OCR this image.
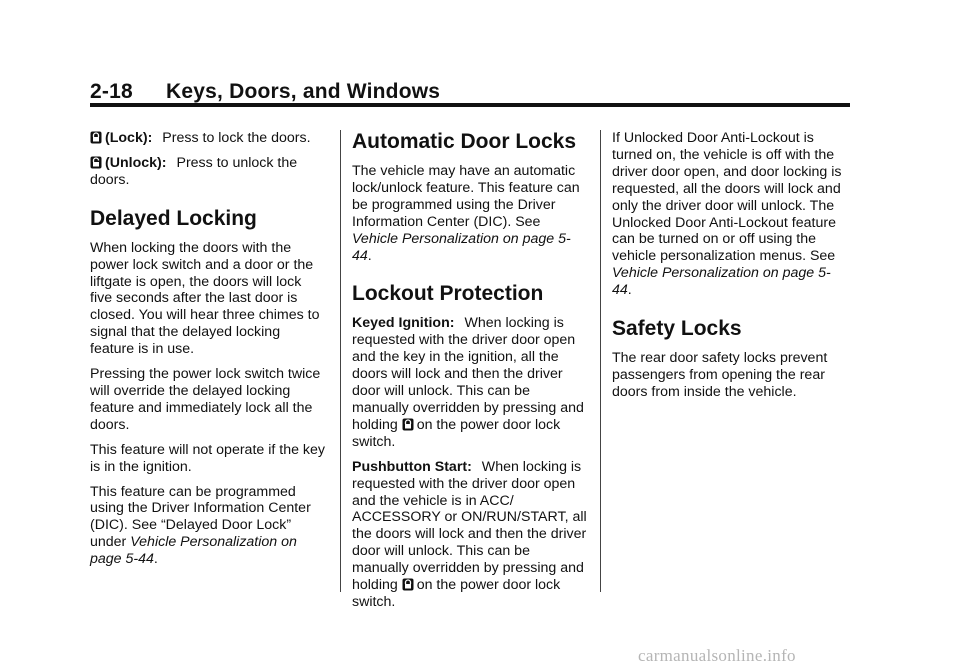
2-18 Keys, Doors, and Windows

(Lock): Press to lock the doors.

(Unlock): Press to unlock the doors.

Delayed Locking

When locking the doors with the power lock switch and a door or the liftgate is open, the doors will lock five seconds after the last door is closed. You will hear three chimes to signal that the delayed locking feature is in use.

Pressing the power lock switch twice will override the delayed locking feature and immediately lock all the doors.

This feature will not operate if the key is in the ignition.

This feature can be programmed using the Driver Information Center (DIC). See “Delayed Door Lock” under Vehicle Personalization on page 5-44.

Automatic Door Locks

The vehicle may have an automatic lock/unlock feature. This feature can be programmed using the Driver Information Center (DIC). See Vehicle Personalization on page 5-44.

Lockout Protection

Keyed Ignition: When locking is requested with the driver door open and the key in the ignition, all the doors will lock and then the driver door will unlock. This can be manually overridden by pressing and holding on the power door lock switch.

Pushbutton Start: When locking is requested with the driver door open and the vehicle is in ACC/ ACCESSORY or ON/RUN/START, all the doors will lock and then the driver door will unlock. This can be manually overridden by pressing and holding on the power door lock switch.

If Unlocked Door Anti-Lockout is turned on, the vehicle is off with the driver door open, and door locking is requested, all the doors will lock and only the driver door will unlock. The Unlocked Door Anti-Lockout feature can be turned on or off using the vehicle personalization menus. See Vehicle Personalization on page 5-44.

Safety Locks

The rear door safety locks prevent passengers from opening the rear doors from inside the vehicle.

carmanualsonline.info
